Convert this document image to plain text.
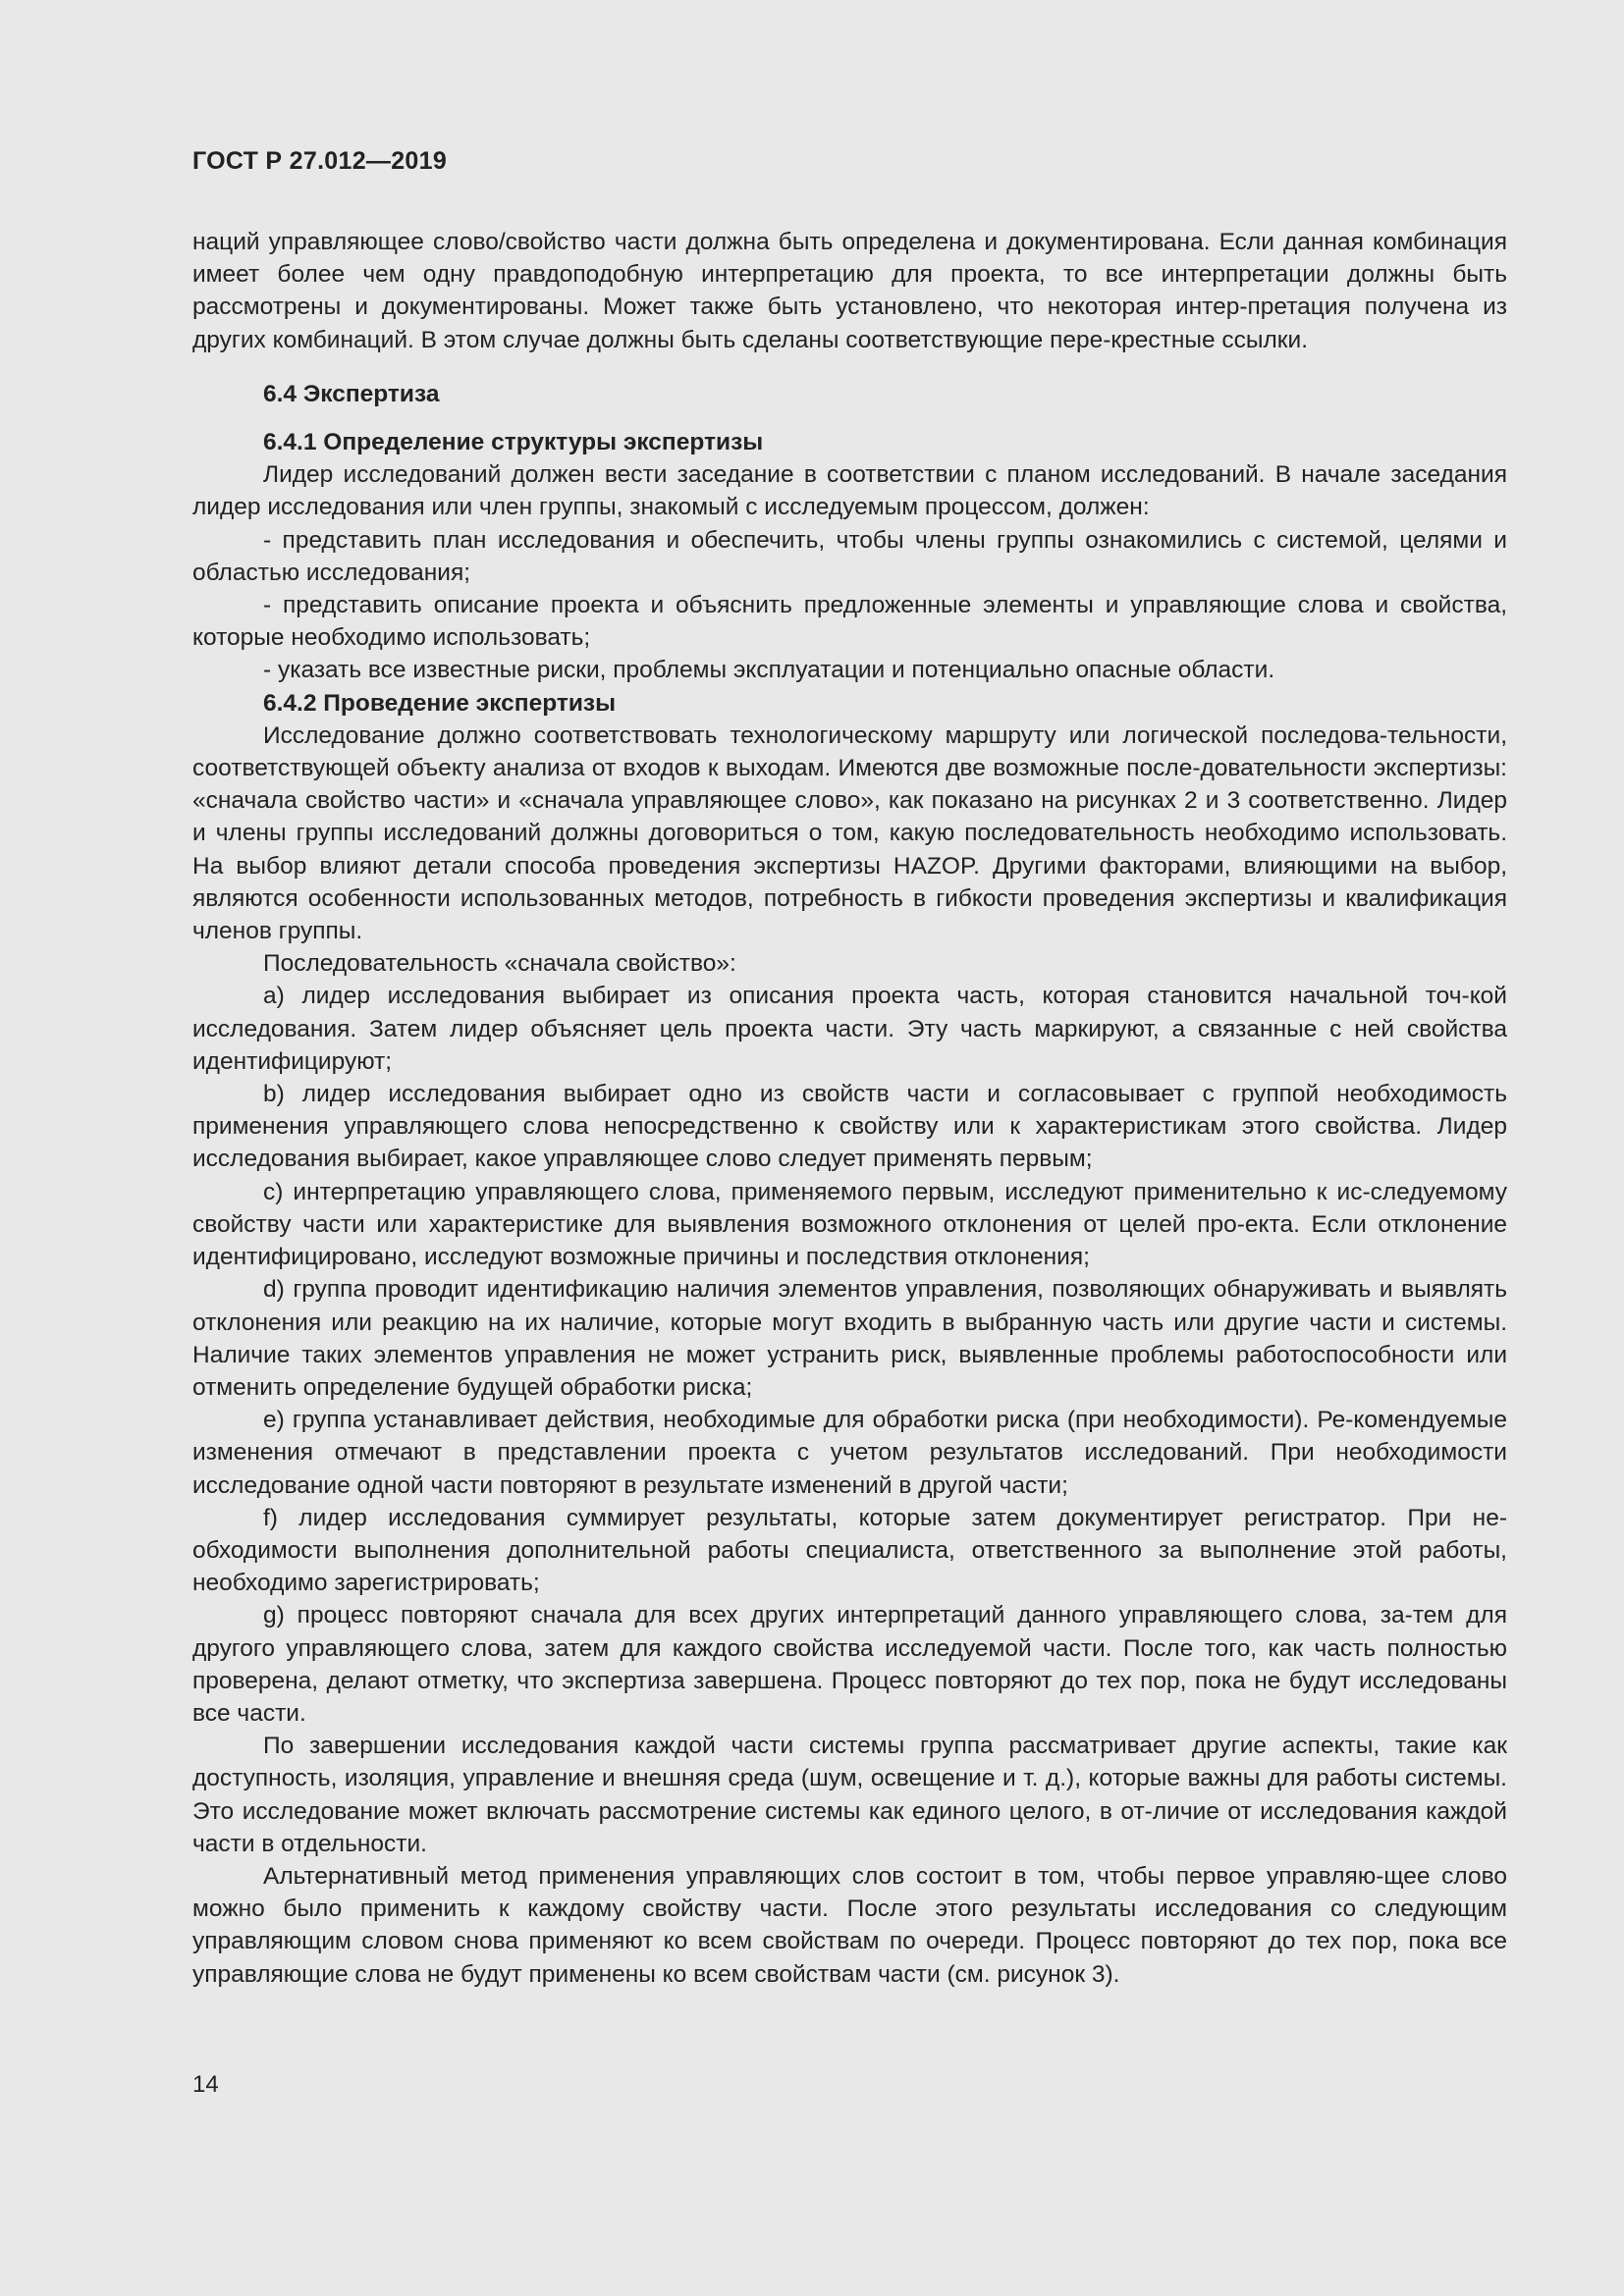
ГОСТ Р 27.012—2019

наций управляющее слово/свойство части должна быть определена и документирована. Если данная комбинация имеет более чем одну правдоподобную интерпретацию для проекта, то все интерпретации должны быть рассмотрены и документированы. Может также быть установлено, что некоторая интер-претация получена из других комбинаций. В этом случае должны быть сделаны соответствующие пере-крестные ссылки.

6.4 Экспертиза

6.4.1 Определение структуры экспертизы

Лидер исследований должен вести заседание в соответствии с планом исследований. В начале заседания лидер исследования или член группы, знакомый с исследуемым процессом, должен:

- представить план исследования и обеспечить, чтобы члены группы ознакомились с системой, целями и областью исследования;

- представить описание проекта и объяснить предложенные элементы и управляющие слова и свойства, которые необходимо использовать;

- указать все известные риски, проблемы эксплуатации и потенциально опасные области.

6.4.2 Проведение экспертизы

Исследование должно соответствовать технологическому маршруту или логической последова-тельности, соответствующей объекту анализа от входов к выходам. Имеются две возможные после-довательности экспертизы: «сначала свойство части» и «сначала управляющее слово», как показано на рисунках 2 и 3 соответственно. Лидер и члены группы исследований должны договориться о том, какую последовательность необходимо использовать. На выбор влияют детали способа проведения экспертизы HAZOP. Другими факторами, влияющими на выбор, являются особенности использованных методов, потребность в гибкости проведения экспертизы и квалификация членов группы.

Последовательность «сначала свойство»:

a) лидер исследования выбирает из описания проекта часть, которая становится начальной точ-кой исследования. Затем лидер объясняет цель проекта части. Эту часть маркируют, а связанные с ней свойства идентифицируют;

b) лидер исследования выбирает одно из свойств части и согласовывает с группой необходимость применения управляющего слова непосредственно к свойству или к характеристикам этого свойства. Лидер исследования выбирает, какое управляющее слово следует применять первым;

c) интерпретацию управляющего слова, применяемого первым, исследуют применительно к ис-следуемому свойству части или характеристике для выявления возможного отклонения от целей про-екта. Если отклонение идентифицировано, исследуют возможные причины и последствия отклонения;

d) группа проводит идентификацию наличия элементов управления, позволяющих обнаруживать и выявлять отклонения или реакцию на их наличие, которые могут входить в выбранную часть или другие части и системы. Наличие таких элементов управления не может устранить риск, выявленные проблемы работоспособности или отменить определение будущей обработки риска;

e) группа устанавливает действия, необходимые для обработки риска (при необходимости). Ре-комендуемые изменения отмечают в представлении проекта с учетом результатов исследований. При необходимости исследование одной части повторяют в результате изменений в другой части;

f) лидер исследования суммирует результаты, которые затем документирует регистратор. При не-обходимости выполнения дополнительной работы специалиста, ответственного за выполнение этой работы, необходимо зарегистрировать;

g) процесс повторяют сначала для всех других интерпретаций данного управляющего слова, за-тем для другого управляющего слова, затем для каждого свойства исследуемой части. После того, как часть полностью проверена, делают отметку, что экспертиза завершена. Процесс повторяют до тех пор, пока не будут исследованы все части.

По завершении исследования каждой части системы группа рассматривает другие аспекты, такие как доступность, изоляция, управление и внешняя среда (шум, освещение и т. д.), которые важны для работы системы. Это исследование может включать рассмотрение системы как единого целого, в от-личие от исследования каждой части в отдельности.

Альтернативный метод применения управляющих слов состоит в том, чтобы первое управляю-щее слово можно было применить к каждому свойству части. После этого результаты исследования со следующим управляющим словом снова применяют ко всем свойствам по очереди. Процесс повторяют до тех пор, пока все управляющие слова не будут применены ко всем свойствам части (см. рисунок 3).

14
